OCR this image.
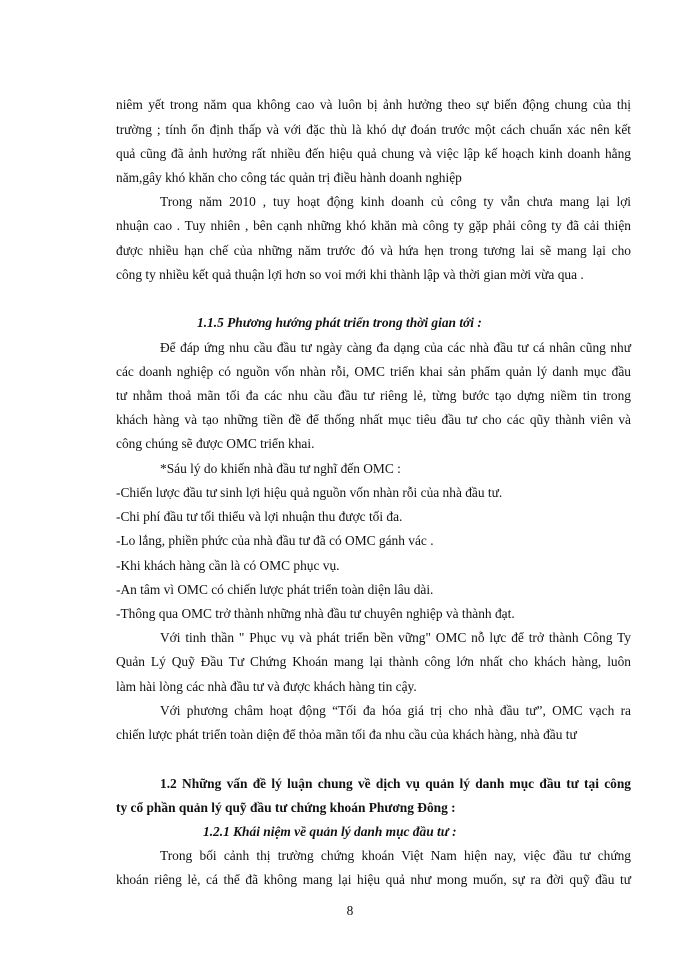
niêm yết trong năm qua không cao và luôn bị ảnh hưởng theo sự biến động chung của thị
trường ; tính ổn định thấp và với đặc thù là khó dự đoán trước một cách chuẩn xác nên kết
quả cũng đã ảnh hưởng rất nhiều đến hiệu quả chung và việc lập kế hoạch kinh doanh hằng
năm,gây khó khăn cho công tác quản trị điều hành doanh nghiệp
Trong năm 2010 , tuy hoạt động kinh doanh củ công ty vẫn chưa mang lại lợi
nhuận cao . Tuy nhiên , bên cạnh những khó khăn mà công ty gặp phải công ty đã cải thiện
được nhiều hạn chế của những năm trước đó và hứa hẹn trong tương lai sẽ mang lại cho
công ty nhiều kết quả thuận lợi hơn so voi mới khi thành lập và thời gian mời vừa qua .
1.1.5 Phương hướng phát triển trong thời gian tới :
Để đáp ứng nhu cầu đầu tư ngày càng đa dạng của các nhà đầu tư cá nhân cũng như
các doanh nghiệp có nguồn vốn nhàn rỗi, OMC triển khai sản phẩm quản lý danh mục đầu
tư nhằm thoả mãn tối đa các nhu cầu đầu tư riêng lẻ, từng bước tạo dựng niềm tin trong
khách hàng và tạo những tiền đề để thống nhất mục tiêu đầu tư cho các qũy thành viên và
công chúng sẽ được OMC triển khai.
*Sáu lý do khiến nhà đầu tư nghĩ đến OMC :
-Chiến lược đầu tư sinh lợi hiệu quả nguồn vốn nhàn rỗi của nhà đầu tư.
-Chi phí đầu tư tối thiểu và lợi nhuận thu được tối đa.
-Lo lắng, phiền phức của nhà đầu tư đã có OMC gánh vác .
-Khi khách hàng cần là có OMC phục vụ.
-An tâm vì OMC có chiến lược phát triển toàn diện lâu dài.
-Thông qua OMC trở thành những nhà đầu tư chuyên nghiệp và thành đạt.
Với tinh thần " Phục vụ và phát triển bền vững" OMC nỗ lực để trở thành Công Ty
Quản Lý Quỹ Đầu Tư Chứng Khoán mang lại thành công lớn nhất cho khách hàng, luôn
làm hài lòng các nhà đầu tư và được khách hàng tin cậy.
Với phương châm hoạt động “Tối đa hóa giá trị cho nhà đầu tư”, OMC vạch ra
chiến lược phát triển toàn diện để thỏa mãn tối đa nhu cầu của khách hàng, nhà đầu tư
1.2 Những vấn đề lý luận chung về dịch vụ quản lý danh mục đầu tư tại công
ty cổ phần quản lý quỹ đầu tư chứng khoán Phương Đông :
1.2.1 Khái niệm về quản lý danh mục đầu tư :
Trong bối cảnh thị trường chứng khoán Việt Nam hiện nay, việc đầu tư chứng
khoán riêng lẻ, cá thể đã không mang lại hiệu quả như mong muốn, sự ra đời quỹ đầu tư
8
